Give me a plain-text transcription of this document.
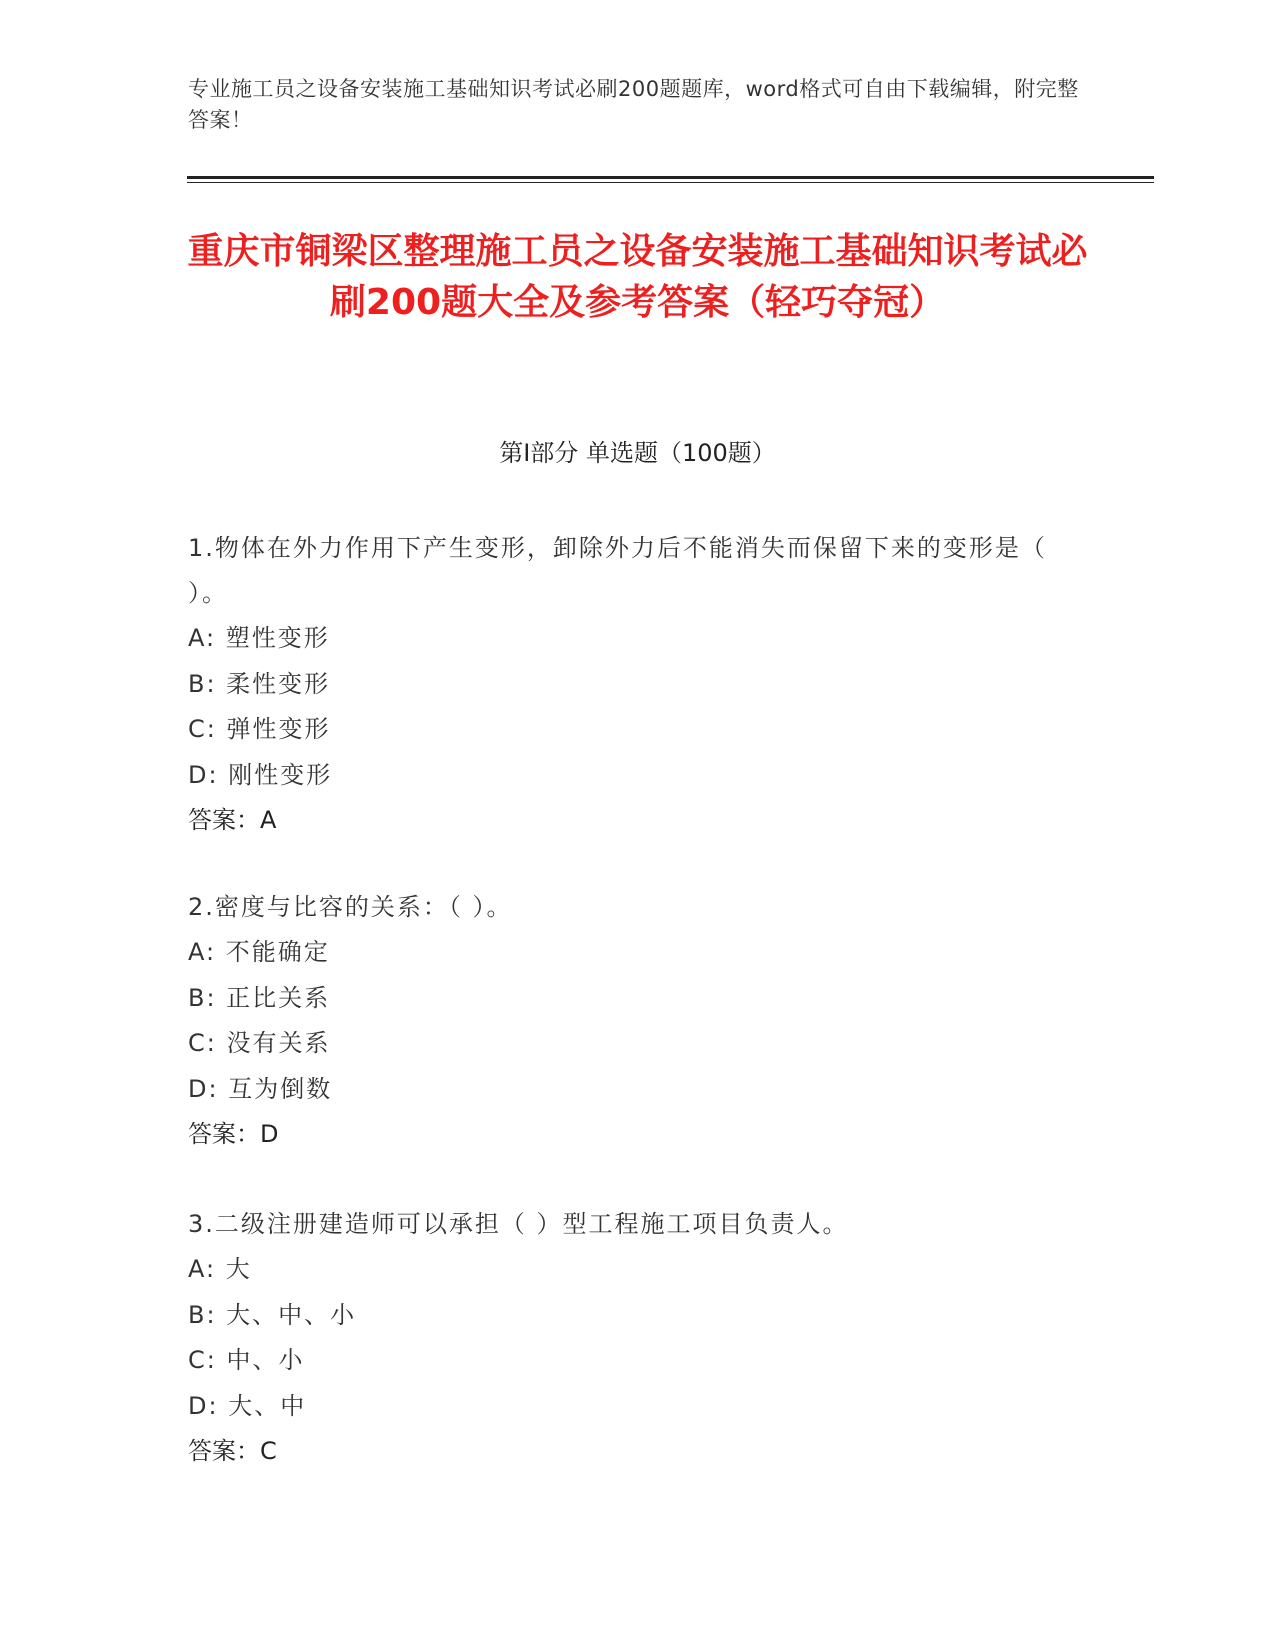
专业施工员之设备安装施工基础知识考试必刷200题题库，word格式可自由下载编辑，附完整答案！
重庆市铜梁区整理施工员之设备安装施工基础知识考试必刷200题大全及参考答案（轻巧夺冠）
第I部分 单选题（100题）
1.物体在外力作用下产生变形，卸除外力后不能消失而保留下来的变形是（ ）。
A: 塑性变形
B: 柔性变形
C: 弹性变形
D: 刚性变形
答案：A
2.密度与比容的关系：（ ）。
A: 不能确定
B: 正比关系
C: 没有关系
D: 互为倒数
答案：D
3.二级注册建造师可以承担（ ）型工程施工项目负责人。
A: 大
B: 大、中、小
C: 中、小
D: 大、中
答案：C
